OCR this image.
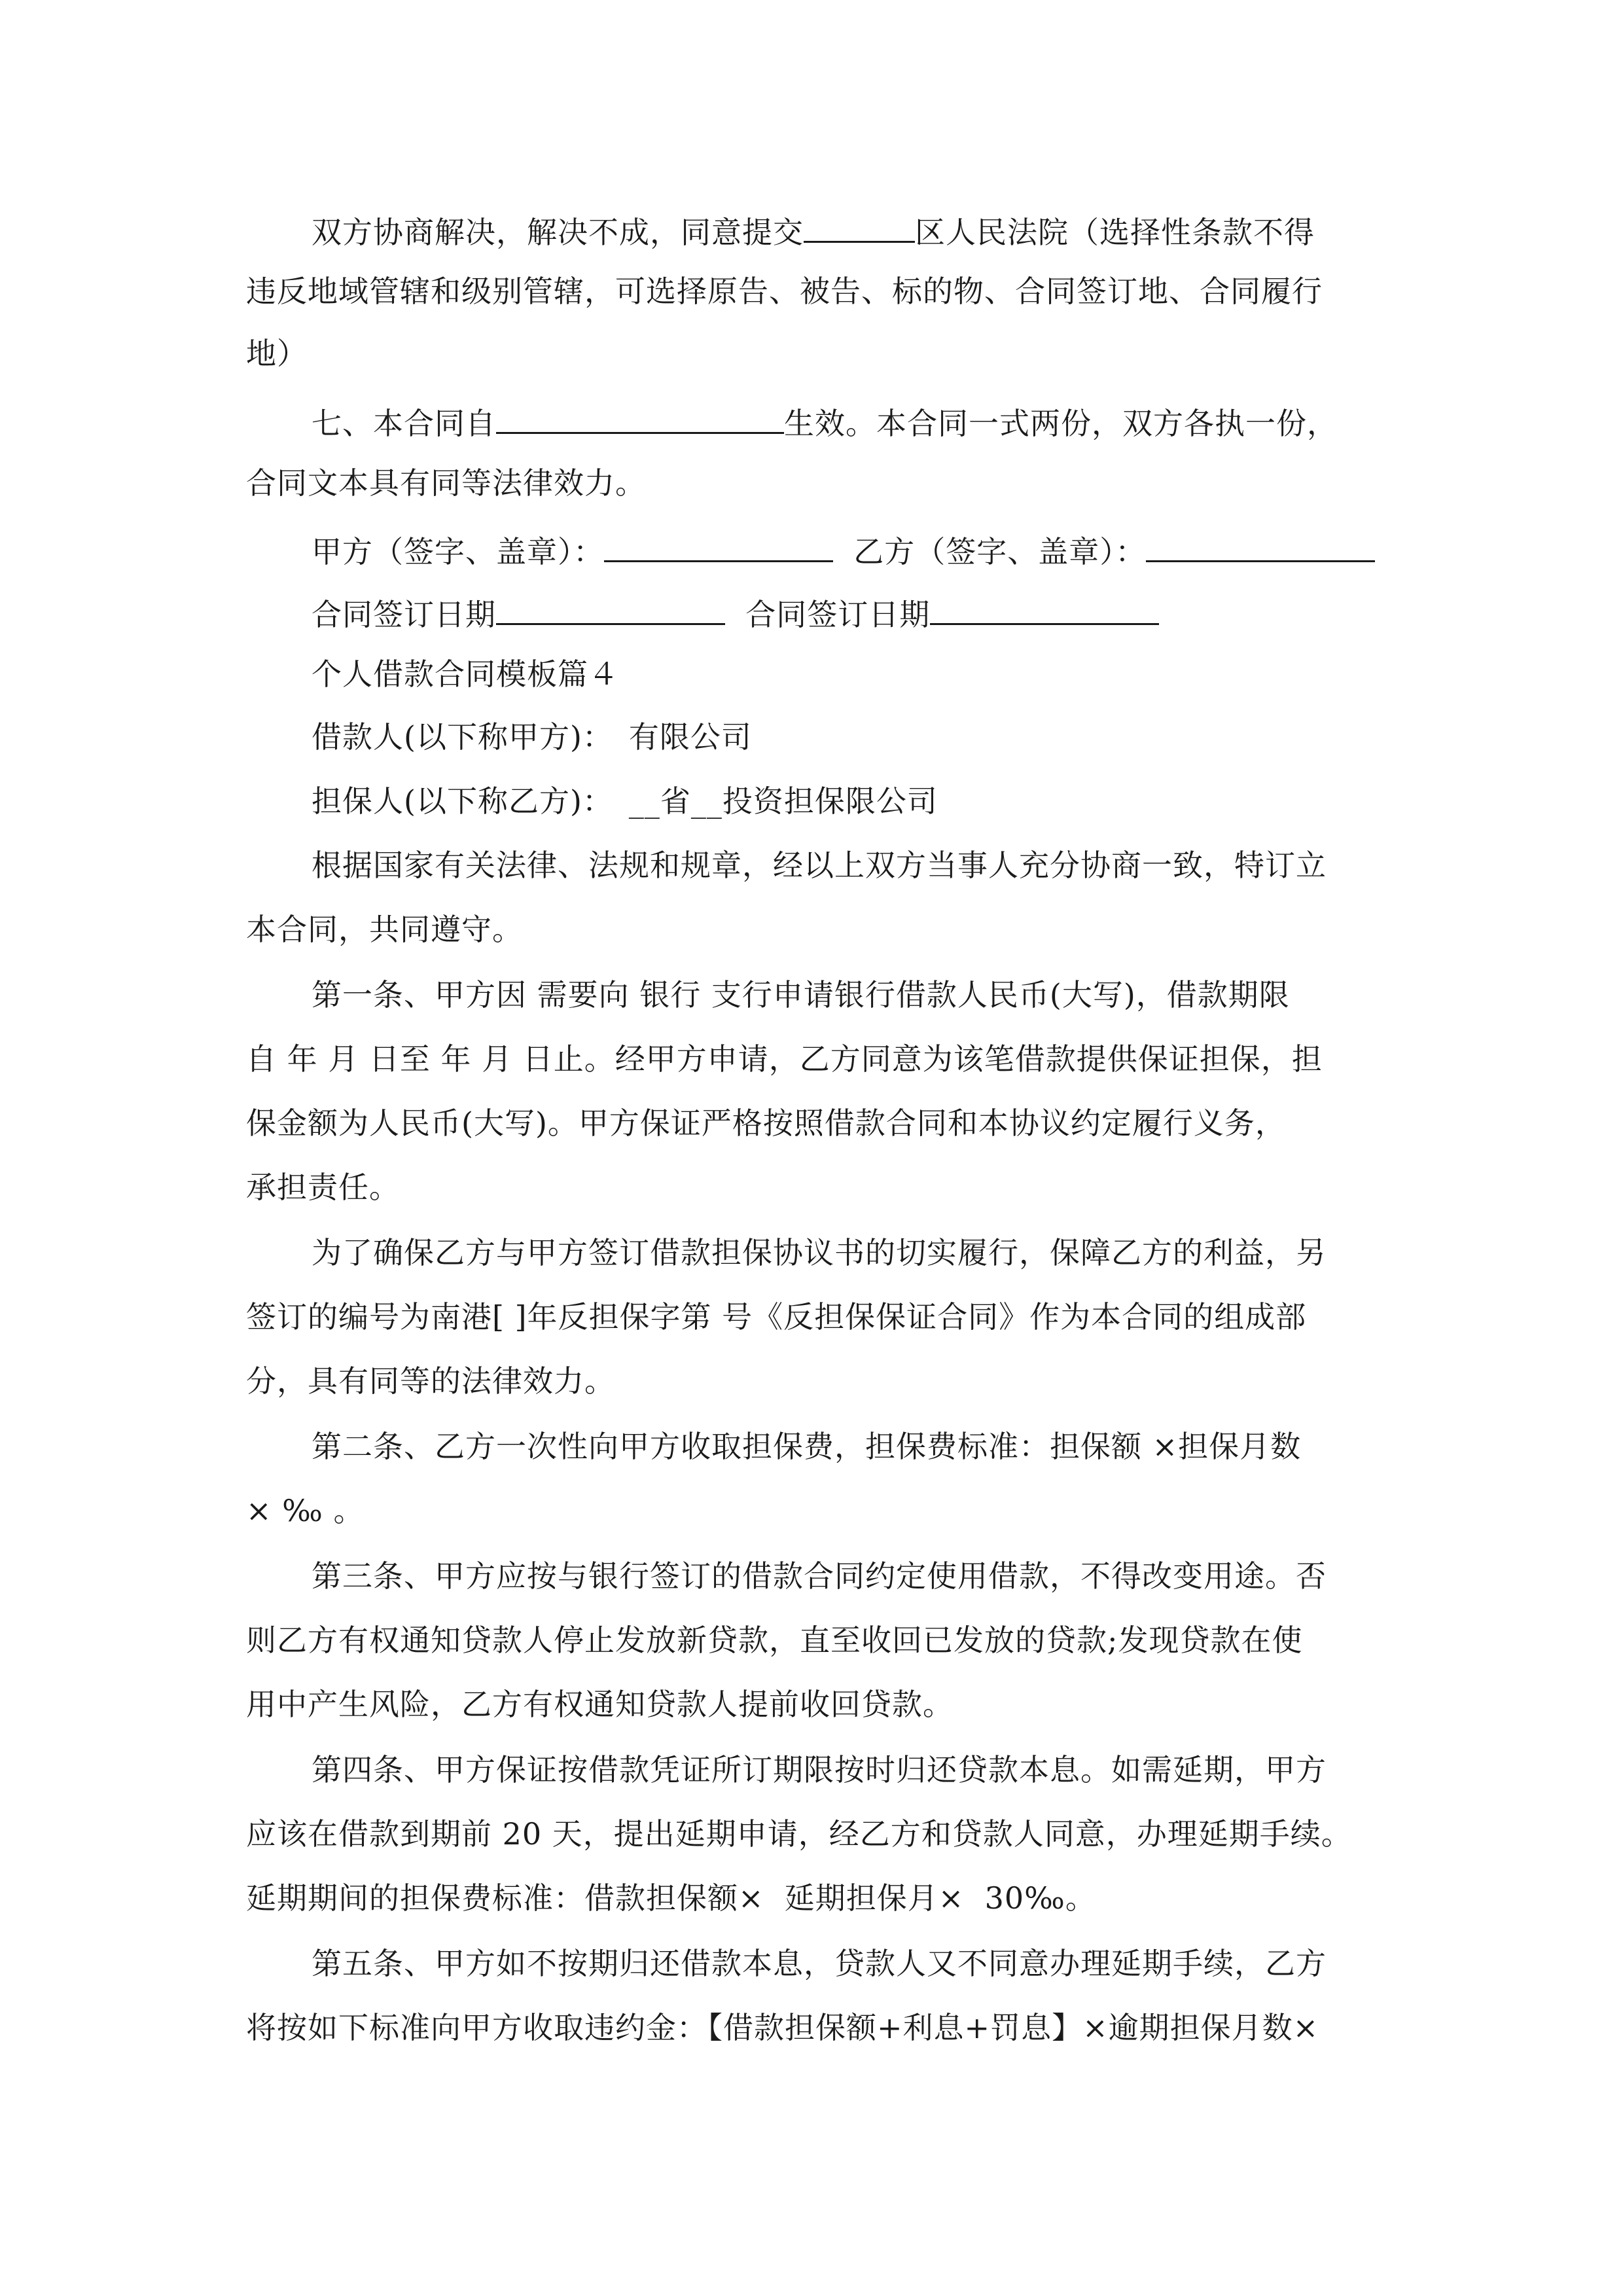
双方协商解决，解决不成，同意提交	区人民法院（选择性条款不得
违反地域管辖和级别管辖，可选择原告、被告、标的物、合同签订地、合同履行
地）
七、本合同自	生效。本合同一式两份，双方各执一份，
合同文本具有同等法律效力。
甲方（签字、盖章）：	乙方（签字、盖章）：
合同签订日期	合同签订日期
个人借款合同模板篇４
借款人(以下称甲方)：　有限公司
担保人(以下称乙方)：　__省__投资担保限公司
根据国家有关法律、法规和规章，经以上双方当事人充分协商一致，特订立
本合同，共同遵守。
第一条、甲方因 需要向 银行 支行申请银行借款人民币(大写)，借款期限
自 年 月 日至 年 月 日止。经甲方申请，乙方同意为该笔借款提供保证担保，担
保金额为人民币(大写)。甲方保证严格按照借款合同和本协议约定履行义务，
承担责任。
为了确保乙方与甲方签订借款担保协议书的切实履行，保障乙方的利益，另
签订的编号为南港[ ]年反担保字第 号《反担保保证合同》作为本合同的组成部
分，具有同等的法律效力。
第二条、乙方一次性向甲方收取担保费，担保费标准：担保额 ×担保月数
× ‰ 。
第三条、甲方应按与银行签订的借款合同约定使用借款，不得改变用途。否
则乙方有权通知贷款人停止发放新贷款，直至收回已发放的贷款;发现贷款在使
用中产生风险，乙方有权通知贷款人提前收回贷款。
第四条、甲方保证按借款凭证所订期限按时归还贷款本息。如需延期，甲方
应该在借款到期前 20 天，提出延期申请，经乙方和贷款人同意，办理延期手续。
延期期间的担保费标准：借款担保额×  延期担保月×  30‰。
第五条、甲方如不按期归还借款本息，贷款人又不同意办理延期手续，乙方
将按如下标准向甲方收取违约金：【借款担保额+利息+罚息】×逾期担保月数×
